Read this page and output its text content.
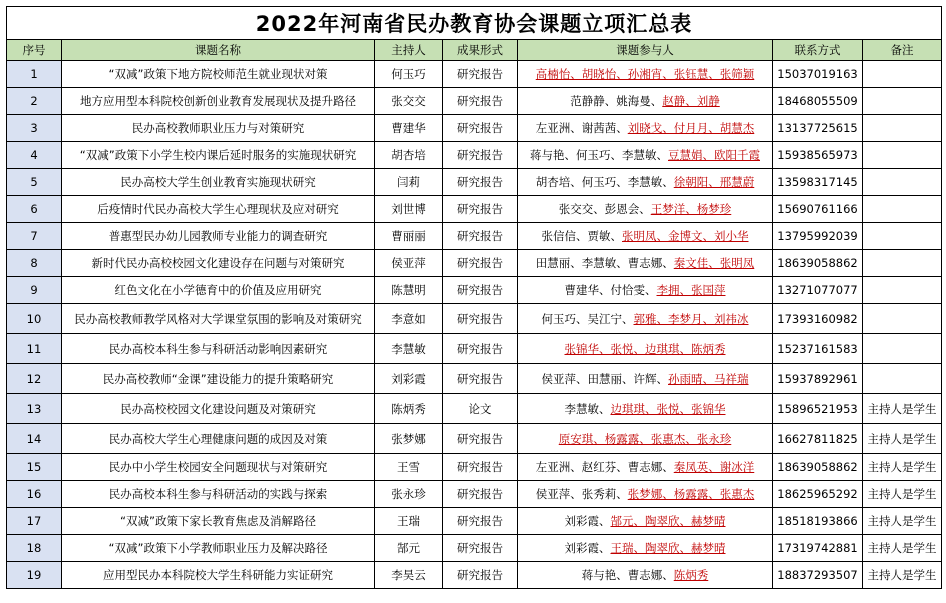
2022年河南省民办教育协会课题立项汇总表						
序号	课题名称	主持人	成果形式	课题参与人	联系方式	备注
1	“双减”政策下地方院校师范生就业现状对策	何玉巧	研究报告	高楠怡、胡晓怡、孙湘宵、张钰慧、张筛颖	15037019163	
2	地方应用型本科院校创新创业教育发展现状及提升路径	张交交	研究报告	范静静、姚海曼、赵静、刘静	18468055509	
3	民办高校教师职业压力与对策研究	曹建华	研究报告	左亚洲、谢茜茜、刘晓戈、付月月、胡慧杰	13137725615	
4	“双减”政策下小学生校内课后延时服务的实施现状研究	胡杏培	研究报告	蒋与艳、何玉巧、李慧敏、豆慧娟、欧阳千霞	15938565973	
5	民办高校大学生创业教育实施现状研究	闫莉	研究报告	胡杏培、何玉巧、李慧敏、徐朝阳、邢慧蔚	13598317145	
6	后疫情时代民办高校大学生心理现状及应对研究	刘世博	研究报告	张交交、彭恩会、王梦洋、杨梦珍	15690761166	
7	普惠型民办幼儿园教师专业能力的调查研究	曹丽丽	研究报告	张信信、贾敏、张明凤、金博文、刘小华	13795992039	
8	新时代民办高校校园文化建设存在问题与对策研究	侯亚萍	研究报告	田慧丽、李慧敏、曹志娜、秦文佳、张明凤	18639058862	
9	红色文化在小学德育中的价值及应用研究	陈慧明	研究报告	曹建华、付恰雯、李拥、张国萍	13271077077	
10	民办高校教师教学风格对大学课堂氛围的影响及对策研究	李意如	研究报告	何玉巧、吴江宁、郭雅、李梦月、刘祎冰	17393160982	
11	民办高校本科生参与科研活动影响因素研究	李慧敏	研究报告	张锦华、张悦、边琪琪、陈炳秀	15237161583	
12	民办高校教师“金课”建设能力的提升策略研究	刘彩霞	研究报告	侯亚萍、田慧丽、许辉、孙雨晴、马祥瑞	15937892961	
13	民办高校校园文化建设问题及对策研究	陈炳秀	论文	李慧敏、边琪琪、张悦、张锦华	15896521953	主持人是学生
14	民办高校大学生心理健康问题的成因及对策	张梦娜	研究报告	原安琪、杨露露、张惠杰、张永珍	16627811825	主持人是学生
15	民办中小学生校园安全问题现状与对策研究	王雪	研究报告	左亚洲、赵红芬、曹志娜、秦凤英、谢冰洋	18639058862	主持人是学生
16	民办高校本科生参与科研活动的实践与探索	张永珍	研究报告	侯亚萍、张秀莉、张梦娜、杨露露、张惠杰	18625965292	主持人是学生
17	“双减”政策下家长教育焦虑及消解路径	王瑞	研究报告	刘彩霞、郜元、陶翠欣、赫梦晴	18518193866	主持人是学生
18	“双减”政策下小学教师职业压力及解决路径	郜元	研究报告	刘彩霞、王瑞、陶翠欣、赫梦晴	17319742881	主持人是学生
19	应用型民办本科院校大学生科研能力实证研究	李昊云	研究报告	蒋与艳、曹志娜、陈炳秀	18837293507	主持人是学生
